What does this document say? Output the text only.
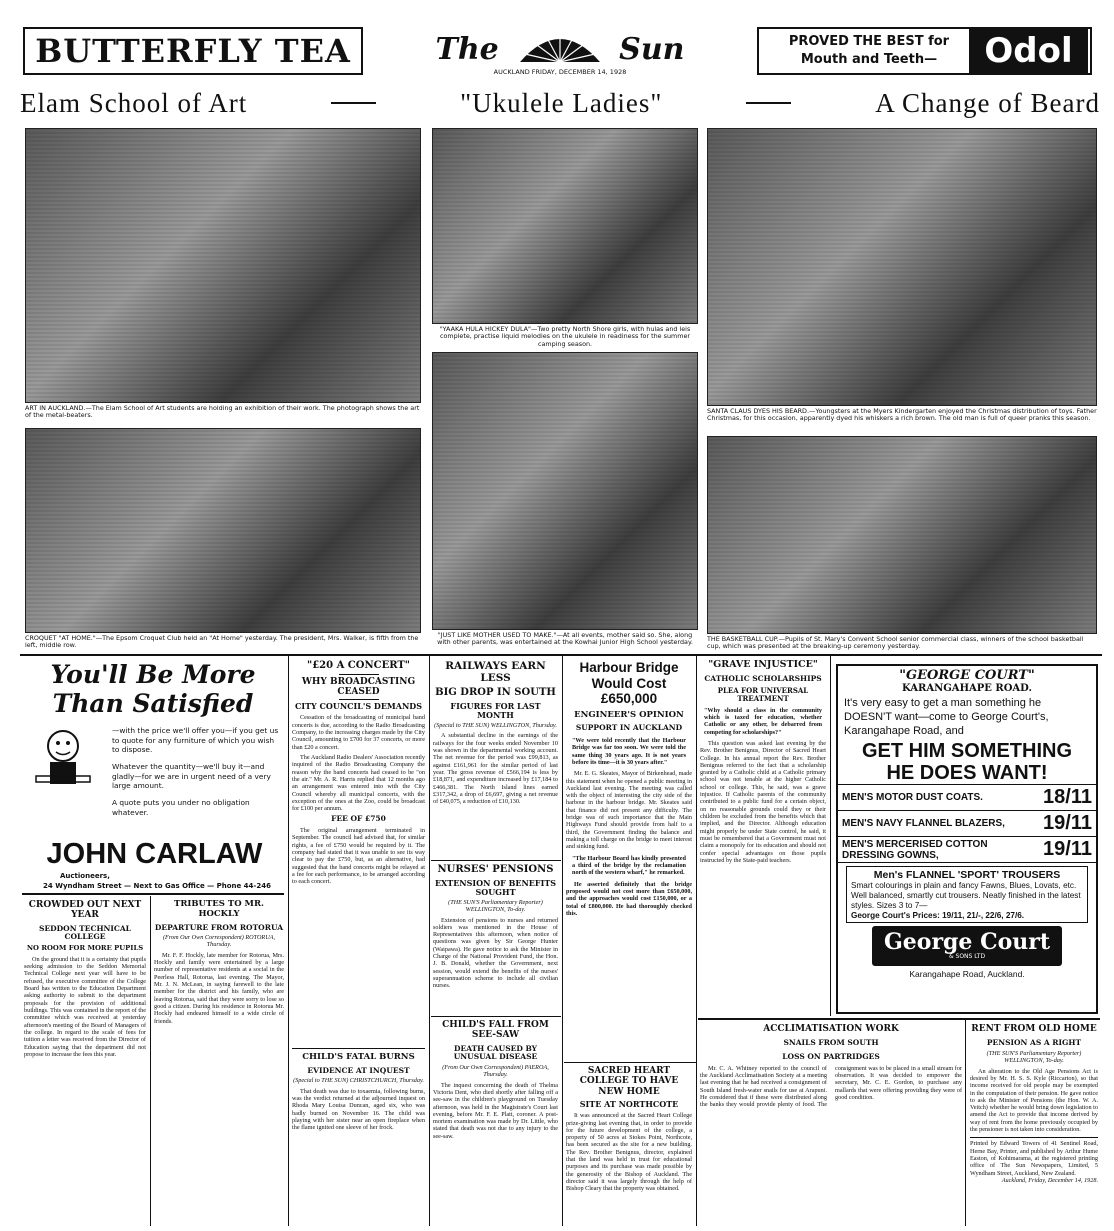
BUTTERFLY TEA	The Sun
AUCKLAND FRIDAY, DECEMBER 14, 1928
PROVED THE BEST for Mouth and Teeth—	Odol
Elam School of Art	"Ukulele Ladies"	A Change of Beard
ART IN AUCKLAND.—The Elam School of Art students are holding an exhibition of their work. The photograph shows the art of the metal-beaters.
"YAAKA HULA HICKEY DULA"—Two pretty North Shore girls, with hulas and leis complete, practise liquid melodies on the ukulele in readiness for the summer camping season.
SANTA CLAUS DYES HIS BEARD.—Youngsters at the Myers Kindergarten enjoyed the Christmas distribution of toys. Father Christmas, for this occasion, apparently dyed his whiskers a rich brown. The old man is full of queer pranks this season.
CROQUET "AT HOME."—The Epsom Croquet Club held an "At Home" yesterday. The president, Mrs. Walker, is fifth from the left, middle row.
"JUST LIKE MOTHER USED TO MAKE."—At all events, mother said so. She, along with other parents, was entertained at the Kowhai Junior High School yesterday.	THE BASKETBALL CUP.—Pupils of St. Mary's Convent School senior commercial class, winners of the school basketball cup, which was presented at the breaking-up ceremony yesterday.
You'll Be More
Than Satisfied
—with the price we'll offer you—if you get us to quote for any furniture of which you wish to dispose.
Whatever the quantity—we'll buy it—and gladly—for we are in urgent need of a very large amount.
A quote puts you under no obligation whatever.
JOHN CARLAW
Auctioneers,
24 Wyndham Street — Next to Gas Office — Phone 44-246
"£20 A CONCERT"
WHY BROADCASTING CEASED
CITY COUNCIL'S DEMANDS

Cessation of the broadcasting of municipal band concerts is due, according to the Radio Broadcasting Company, to the increasing charges made by the City Council, amounting to £700 for 37 concerts, or more than £20 a concert.

The Auckland Radio Dealers' Association recently inquired of the Radio Broadcasting Company the reason why the band concerts had ceased to be "on the air." Mr. A. R. Harris replied that 12 months ago an arrangement was entered into with the City Council whereby all municipal concerts, with the exception of the ones at the Zoo, could be broadcast for £100 per annum.

FEE OF £750

The original arrangement terminated in September. The council had advised that, for similar rights, a fee of £750 would be required by it. The company had stated that it was unable to see its way clear to pay the £750, but, as an alternative, had suggested that the band concerts might be relayed at a fee for each performance, to be arranged according to each concert.

RAILWAYS EARN LESS
BIG DROP IN SOUTH
FIGURES FOR LAST MONTH
(Special to THE SUN) WELLINGTON, Thursday.

A substantial decline in the earnings of the railways for the four weeks ended November 10 was shown in the departmental working account. The net revenue for the period was £99,813, as against £161,961 for the similar period of last year. The gross revenue of £566,194 is less by £18,871, and expenditure increased by £17,184 to £466,381. The North Island lines earned £317,342, a drop of £6,697, giving a net revenue of £40,075, a reduction of £10,130.

NURSES' PENSIONS
EXTENSION OF BENEFITS SOUGHT
(THE SUN'S Parliamentary Reporter) WELLINGTON, To-day.

Extension of pensions to nurses and returned soldiers was mentioned in the House of Representatives this afternoon, when notice of questions was given by Sir George Hunter (Waipawa). He gave notice to ask the Minister in Charge of the National Provident Fund, the Hon. J. B. Donald, whether the Government, next session, would extend the benefits of the nurses' superannuation scheme to include all civilian nurses.

CHILD'S FALL FROM SEE-SAW
DEATH CAUSED BY UNUSUAL DISEASE
(From Our Own Correspondent) PAEROA, Thursday.

The inquest concerning the death of Thelma Victoria Dent, who died shortly after falling off a see-saw in the children's playground on Tuesday afternoon, was held in the Magistrate's Court last evening, before Mr. F. E. Platt, coroner. A post-mortem examination was made by Dr. Little, who stated that death was not due to any injury to the see-saw.

Harbour Bridge Would Cost £650,000
ENGINEER'S OPINION
SUPPORT IN AUCKLAND

"We were told recently that the Harbour Bridge was far too soon. We were told the same thing 30 years ago. It is not years before its time—it is 30 years after."

Mr. E. G. Skeates, Mayor of Birkenhead, made this statement when he opened a public meeting in Auckland last evening. The meeting was called with the object of interesting the city side of the harbour in the harbour bridge. Mr. Skeates said that finance did not present any difficulty. The bridge was of such importance that the Main Highways Fund should provide from half to a third, the Government finding the balance and making a toll charge on the bridge to meet interest and sinking fund.

"The Harbour Board has kindly presented a third of the bridge by the reclamation north of the western wharf," he remarked.

He asserted definitely that the bridge proposed would not cost more than £650,000, and the approaches would cost £150,000, or a total of £800,000. He had thoroughly checked this.

SACRED HEART COLLEGE TO HAVE NEW HOME
SITE AT NORTHCOTE

It was announced at the Sacred Heart College prize-giving last evening that, in order to provide for the future development of the college, a property of 50 acres at Stokes Point, Northcote, has been secured as the site for a new building. The Rev. Brother Benignus, director, explained that the land was held in trust for educational purposes and its purchase was made possible by the generosity of the Bishop of Auckland. The director said it was largely through the help of Bishop Cleary that the property was obtained.

"GRAVE INJUSTICE"
CATHOLIC SCHOLARSHIPS
PLEA FOR UNIVERSAL TREATMENT

"Why should a class in the community which is taxed for education, whether Catholic or any other, be debarred from competing for scholarships?"

This question was asked last evening by the Rev. Brother Benignus, Director of Sacred Heart College. In his annual report the Rev. Brother Benignus referred to the fact that a scholarship granted by a Catholic child at a Catholic primary school was not tenable at the higher Catholic school or college. This, he said, was a grave injustice. If Catholic parents of the community contributed to a public fund for a certain object, on no reasonable grounds could they or their children be excluded from the benefits which that implied, and the Director. Although education might properly be under State control, he said, it must be remembered that a Government must not claim a monopoly for its education and should not confer special advantages on those pupils instructed by the State-paid teachers.

"GEORGE COURT"
KARANGAHAPE ROAD.
It's very easy to get a man something he DOESN'T want—come to George Court's, Karangahape Road, and
GET HIM SOMETHING
HE DOES WANT!
MEN'S MOTOR DUST COATS.	18/11
MEN'S NAVY FLANNEL BLAZERS, 19/11
MEN'S MERCERISED COTTON DRESSING GOWNS,	19/11
Men's FLANNEL 'SPORT' TROUSERS
Smart colourings in plain and fancy Fawns, Blues, Lovats, etc. Well balanced, smartly cut trousers. Neatly finished in the latest styles. Sizes 3 to 7—
George Court's Prices: 19/11, 21/-, 22/6, 27/6.
George Court
& SONS LTD
Karangahape Road, Auckland.
CROWDED OUT NEXT YEAR
SEDDON TECHNICAL COLLEGE
NO ROOM FOR MORE PUPILS

On the ground that it is a certainty that pupils seeking admission to the Seddon Memorial Technical College next year will have to be refused, the executive committee of the College Board has written to the Education Department asking authority to submit to the department proposals for the provision of additional buildings. This was contained in the report of the committee which was received at yesterday afternoon's meeting of the Board of Managers of the college. In regard to the scale of fees for tuition a letter was received from the Director of Education saying that the department did not propose to increase the fees this year.

TRIBUTES TO MR. HOCKLY
DEPARTURE FROM ROTORUA
(From Our Own Correspondent) ROTORUA, Thursday.

Mr. F. F. Hockly, late member for Rotorua, Mrs. Hockly and family were entertained by a large number of representative residents at a social in the Peerless Hall, Rotorua, last evening. The Mayor, Mr. J. N. McLean, in saying farewell to the late member for the district and his family, who are leaving Rotorua, said that they were sorry to lose so good a citizen. During his residence in Rotorua Mr. Hockly had endeared himself to a wide circle of friends.

CHILD'S FATAL BURNS
EVIDENCE AT INQUEST
(Special to THE SUN) CHRISTCHURCH, Thursday.

That death was due to toxaemia, following burns, was the verdict returned at the adjourned inquest on Rhoda Mary Louisa Duncan, aged six, who was badly burned on November 16. The child was playing with her sister near an open fireplace when the flame ignited one sleeve of her frock.

ACCLIMATISATION WORK
SNAILS FROM SOUTH
LOSS ON PARTRIDGES

Mr. C. A. Whitney reported to the council of the Auckland Acclimatisation Society at a meeting last evening that he had received a consignment of South Island fresh-water snails for use at Arapuni. He considered that if these were distributed along the banks they would provide plenty of food. The consignment was to be placed in a small stream for observation. It was decided to empower the secretary, Mr. C. E. Gordon, to purchase any mallards that were offering providing they were of good condition.

RENT FROM OLD HOME
PENSION AS A RIGHT
(THE SUN'S Parliamentary Reporter) WELLINGTON, To-day.

An alteration to the Old Age Pensions Act is desired by Mr. H. S. S. Kyle (Riccarton), so that income received for old people may be exempted in the computation of their pension. He gave notice to ask the Minister of Pensions (the Hon. W. A. Veitch) whether he would bring down legislation to amend the Act to provide that income derived by way of rent from the home previously occupied by the pensioner is not taken into consideration.

Printed by Edward Towers of 41 Sentinel Road, Herne Bay, Printer, and published by Arthur Hume Easton, of Kohimarama, at the registered printing office of The Sun Newspapers, Limited, 5 Wyndham Street, Auckland, New Zealand.

Auckland, Friday, December 14, 1928.
